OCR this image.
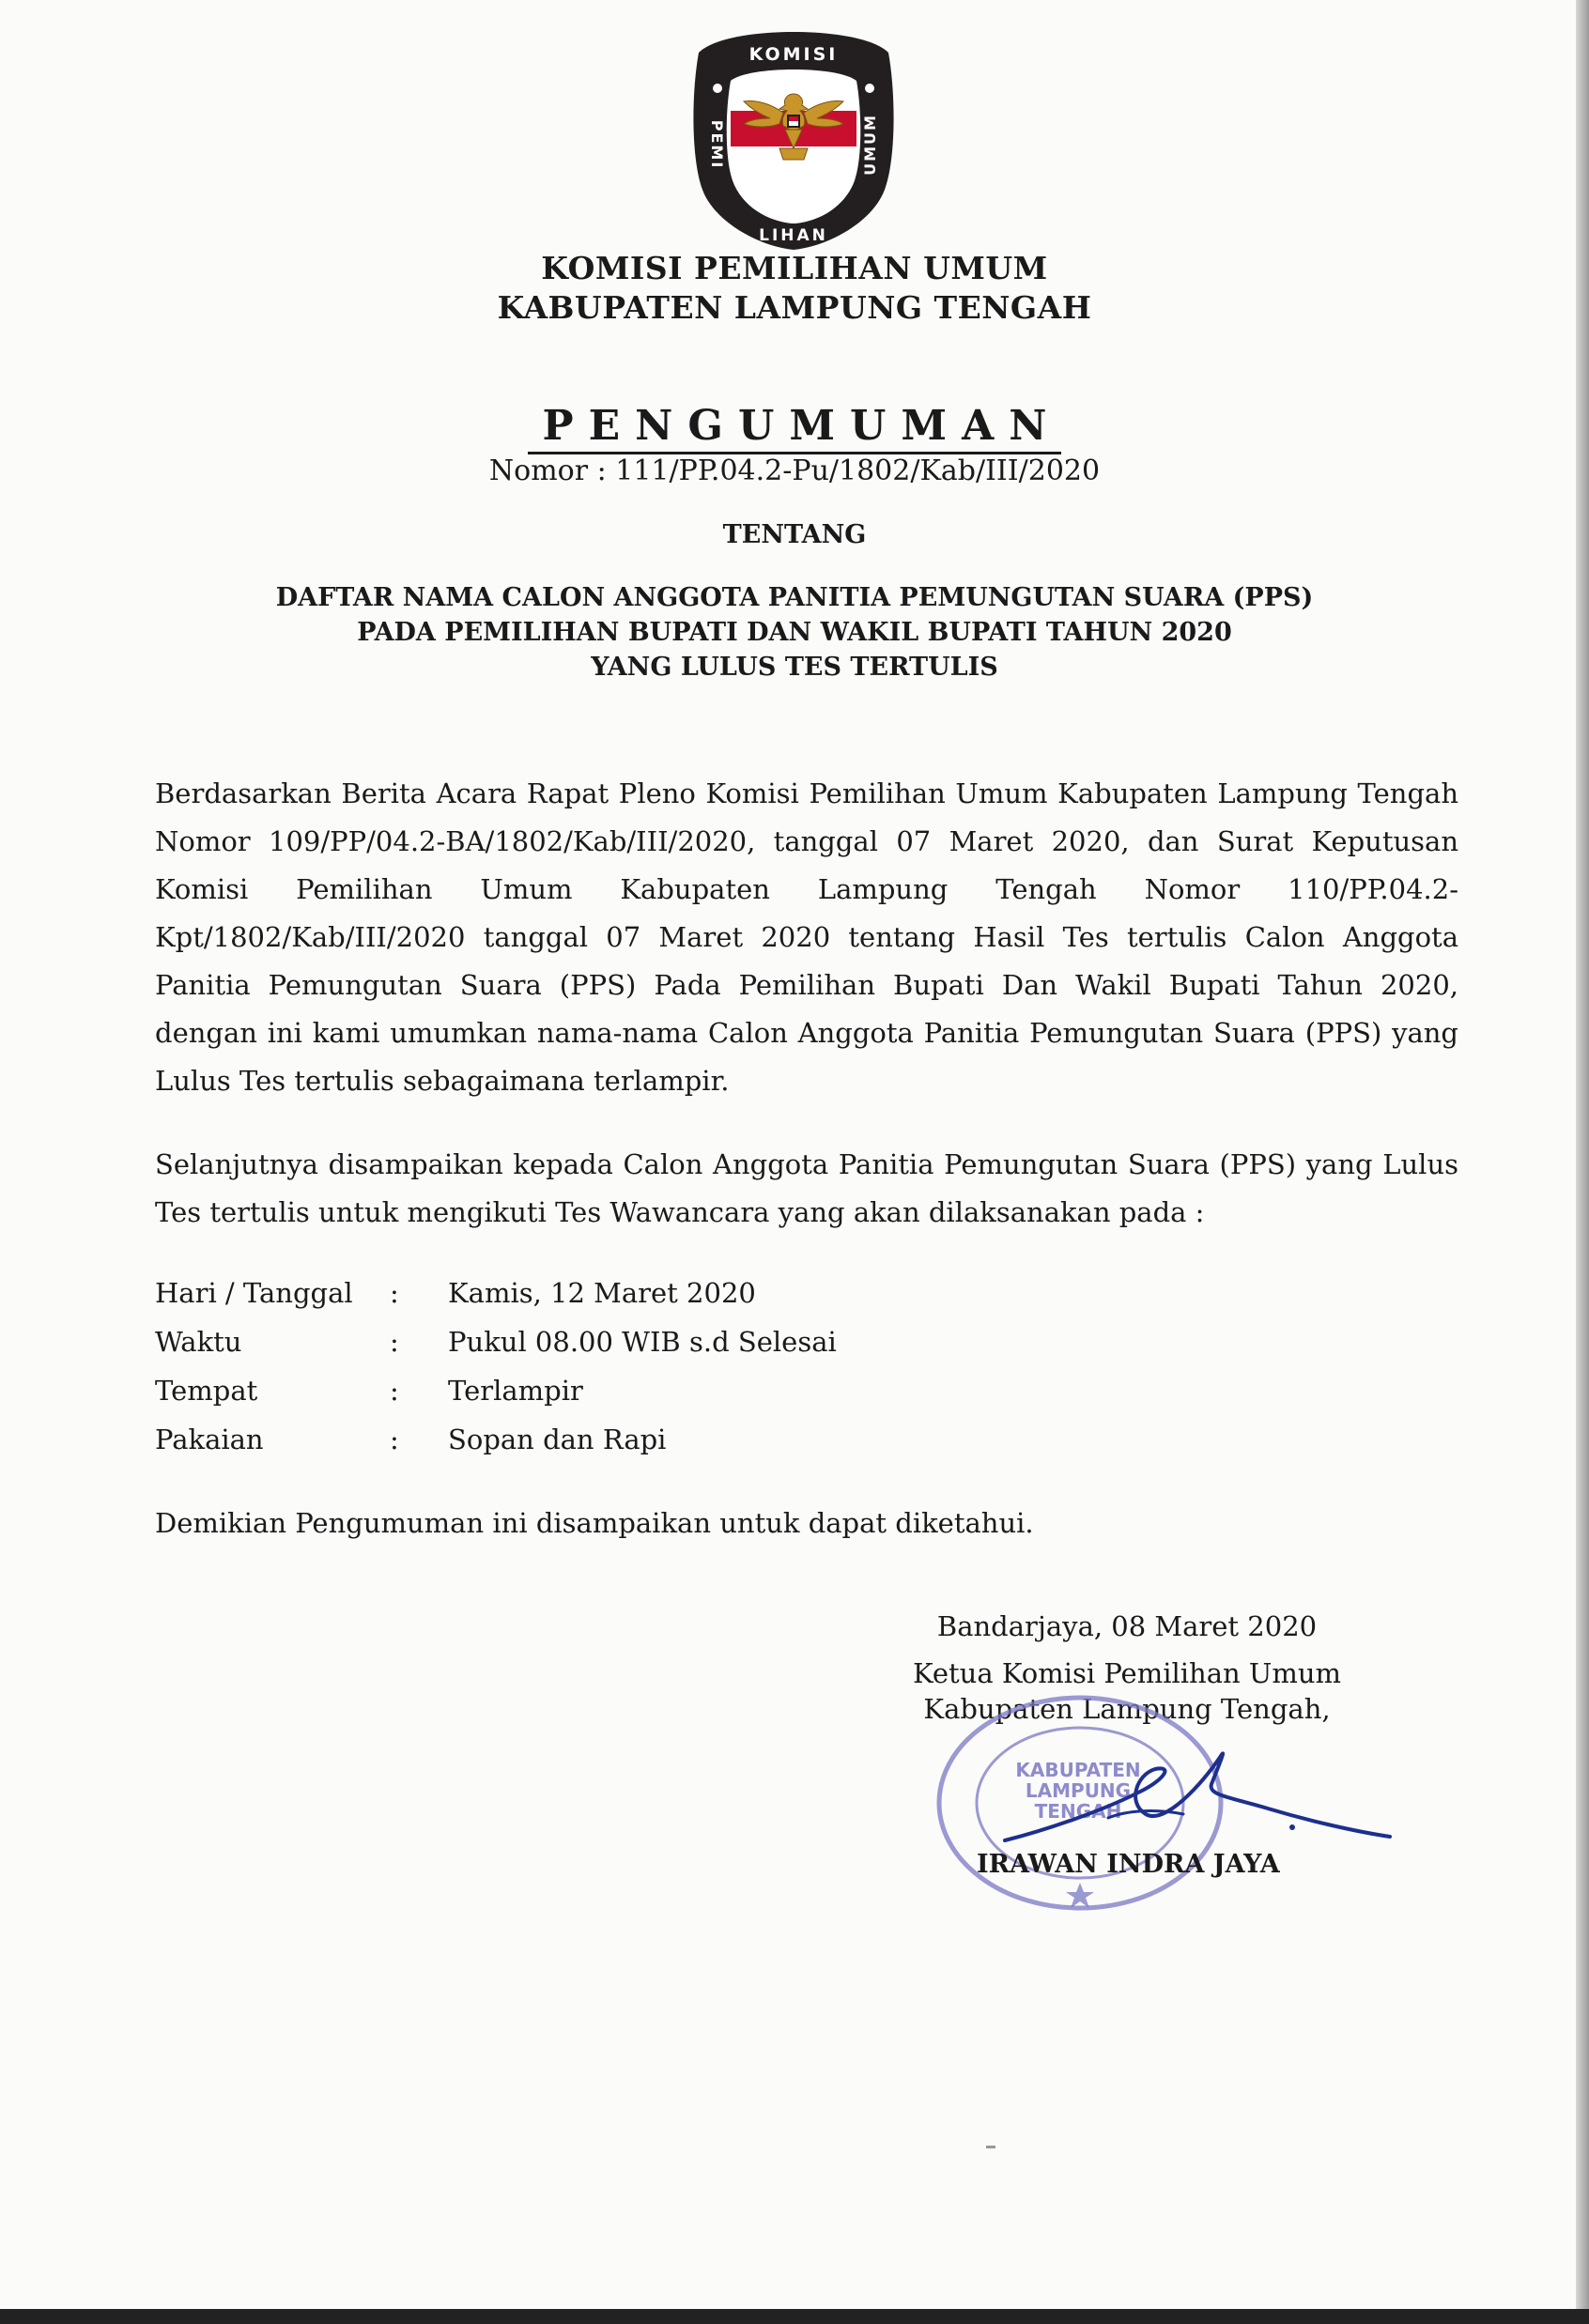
KOMISI
LIHAN
PEMI	UMUM
KOMISI PEMILIHAN UMUM
KABUPATEN LAMPUNG TENGAH
PENGUMUMAN
Nomor : 111/PP.04.2-Pu/1802/Kab/III/2020
TENTANG
DAFTAR NAMA CALON ANGGOTA PANITIA PEMUNGUTAN SUARA (PPS)
PADA PEMILIHAN BUPATI DAN WAKIL BUPATI TAHUN 2020
YANG LULUS TES TERTULIS
Berdasarkan Berita Acara Rapat Pleno Komisi Pemilihan Umum Kabupaten Lampung Tengah Nomor 109/PP/04.2-BA/1802/Kab/III/2020, tanggal 07 Maret 2020, dan Surat Keputusan Komisi Pemilihan Umum Kabupaten Lampung Tengah Nomor 110/PP.04.2-Kpt/1802/Kab/III/2020 tanggal 07 Maret 2020 tentang Hasil Tes tertulis Calon Anggota Panitia Pemungutan Suara (PPS) Pada Pemilihan Bupati Dan Wakil Bupati Tahun 2020, dengan ini kami umumkan nama-nama Calon Anggota Panitia Pemungutan Suara (PPS) yang Lulus Tes tertulis sebagaimana terlampir.
Selanjutnya disampaikan kepada Calon Anggota Panitia Pemungutan Suara (PPS) yang Lulus Tes tertulis untuk mengikuti Tes Wawancara yang akan dilaksanakan pada :
Hari / Tanggal : Kamis, 12 Maret 2020
Waktu	: Pukul 08.00 WIB s.d Selesai
Tempat	: Terlampir
Pakaian	: Sopan dan Rapi
Demikian Pengumuman ini disampaikan untuk dapat diketahui.
Bandarjaya, 08 Maret 2020
Ketua Komisi Pemilihan Umum
Kabupaten Lampung Tengah,
KABUPATEN
LAMPUNG TENGAH
IRAWAN INDRA JAYA
